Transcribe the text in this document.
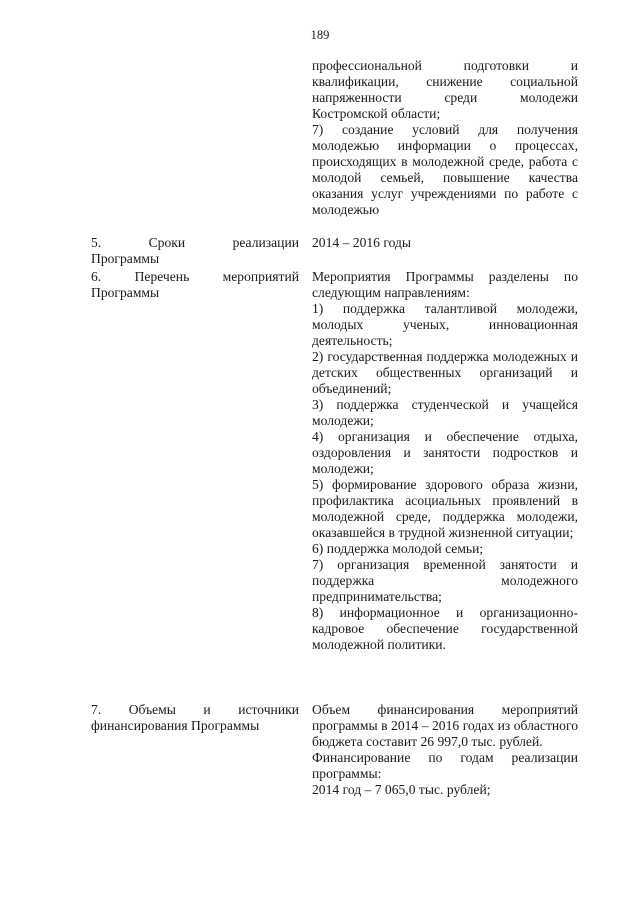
189

профессиональной подготовки и квалификации, снижение социальной напряженности среди молодежи Костромской области;

7) создание условий для получения молодежью информации о процессах, происходящих в молодежной среде, работа с молодой семьей, повышение качества оказания услуг учреждениями по работе с молодежью

5.	Сроки	реализации
Программы

2014 – 2016 годы

6. Перечень мероприятий
Программы

Мероприятия Программы разделены по следующим направлениям:

1) поддержка талантливой молодежи, молодых ученых, инновационная деятельность;

2) государственная поддержка молодежных и детских общественных организаций и объединений;

3) поддержка студенческой и учащейся молодежи;

4) организация и обеспечение отдыха, оздоровления и занятости подростков и молодежи;

5) формирование здорового образа жизни, профилактика асоциальных проявлений в молодежной среде, поддержка молодежи, оказавшейся в трудной жизненной ситуации;

6) поддержка молодой семьи;

7) организация временной занятости и поддержка молодежного предпринимательства;

8) информационное и организационно-кадровое обеспечение государственной молодежной политики.

7. Объемы и источники
финансирования Программы

Объем финансирования мероприятий программы в 2014 – 2016 годах из областного бюджета составит 26 997,0 тыс. рублей.

Финансирование по годам реализации программы:

2014 год – 7 065,0 тыс. рублей;
